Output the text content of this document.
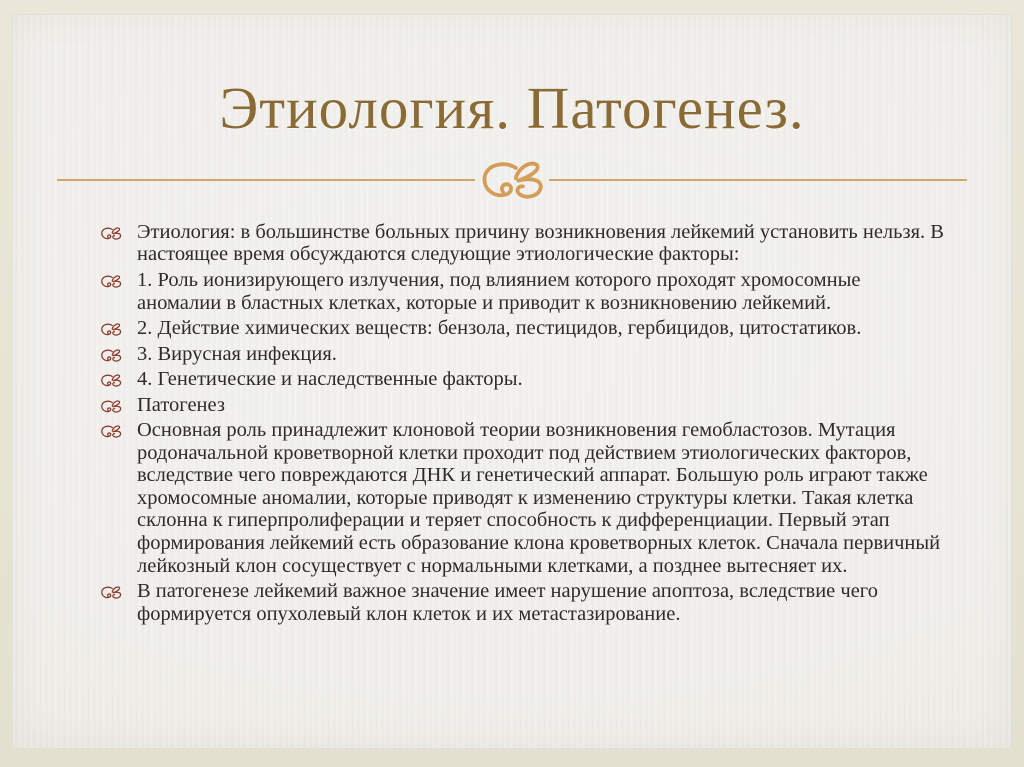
Этиология. Патогенез.
Этиология: в большинстве больных причину возникновения лейкемий установить нельзя. В настоящее время обсуждаются следующие этиологические факторы:
1. Роль ионизирующего излучения, под влиянием которого проходят хромосомные аномалии в бластных клетках, которые и приводит к возникновению лейкемий.
2. Действие химических веществ: бензола, пестицидов, гербицидов, цитостатиков.
3. Вирусная инфекция.
4. Генетические и наследственные факторы.
Патогенез
Основная роль принадлежит клоновой теории возникновения гемобластозов. Мутация родоначальной кроветворной клетки проходит под действием этиологических факторов, вследствие чего повреждаются ДНК и генетический аппарат. Большую роль играют также хромосомные аномалии, которые приводят к изменению структуры клетки. Такая клетка склонна к гиперпролиферации и теряет способность к дифференциации. Первый этап формирования лейкемий есть образование клона кроветворных клеток. Сначала первичный лейкозный клон сосуществует с нормальными клетками, а позднее вытесняет их.
В патогенезе лейкемий важное значение имеет нарушение апоптоза, вследствие чего формируется опухолевый клон клеток и их метастазирование.
